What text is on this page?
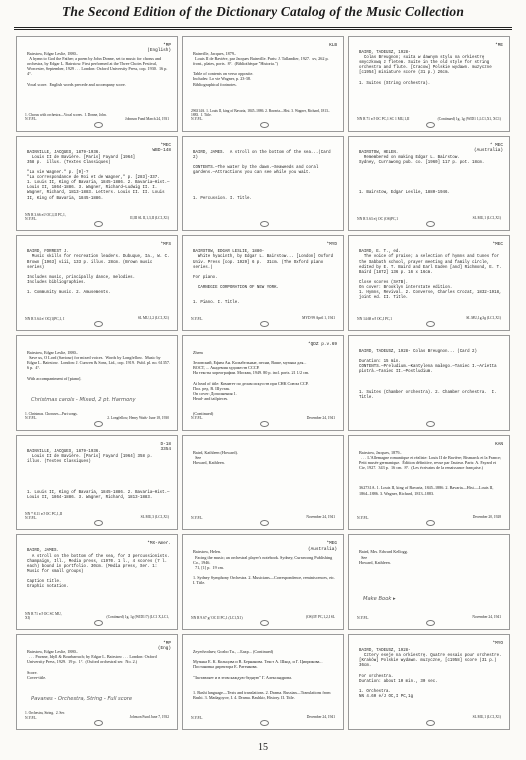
The Second Edition of the Dictionary Catalog of the Music Collection
*MP
(English)
Bairstow, Edgar Leslie, 1880–
A hymn to God the Father; a poem by John Donne, set to music for chorus and orchestra, by Edgar L. Bairstow. First performed at the Three Choirs Festival, Worcester, September, 1929 . . . London: Oxford University Press, cop. 1930.  16 p.  4°.

Vocal score.  English words precede and accompany score.
1. Chorus with orchestra—Vocal scores.  I. Donne, John.
N.Y.P.L.	Johnson Fund March 24, 1931
*MEC
WBD-148
BAINVILLE, JACQUES, 1879-1936.
Louis II de Bavière. [Paris] Fayard [1964]
358 p.  illus. (Textes Classiques)

"La vie Wagner." p. [9]-?
"La correspondance de Roi et de Wagner," p. [283]-337.
1. Louis II, King of Bavaria, 1845-1886. 2. Bavaria—Hist.—Louis II, 1864-1886. 3. Wagner, Richard—Ludwig II. I. Wagner, Richard, 1813-1883. Letters. Louis II. II. Louis II, King of Bavaria, 1845-1886.
NN R 3.66 e/J OC,I,II PC,1,
N.Y.P.L.	II,III SL II,1,3,II (LC1,X1)
*MFS
BAIRD, FORREST J.
Music skills for recreation leaders. Dubuque, Ia., W. C. Brown [1963] viii, 133 p. illus. 28cm. (Brown music series)

Includes music, principally dance, melodies.
Includes bibliographies.

1. Community music. 2. Amusements.
NN R 5.64 e/ OC(1)PC,1, I	SL MU,1,2 (LC1,X1)
Bairstow, Edgar Leslie, 1880–
Save us, O Lord (Saviour) for mixed voices.  Words by Longfellow.  Music by Edgar L. Bairstow.  London: J. Curwen & Sons, Ltd., cop. 1919.  Publ. pl. no. 61357.  6 p.  4°.

With accompaniment of [piano].
1. Christmas. Choruses—Part songs.
N.Y.P.L.	2. Longfellow, Henry Wads- June 18, 1930
Christmas carols - Mixed, 2 pt. Harmony
D-18
3354
BAINVILLE, JACQUES, 1879-1936.
Louis II de Bavière. [Paris] Fayard [1964] 358 p.  illus. (Textes Classiques)

1. Louis II, King of Bavaria, 1845-1886. 2. Bavaria—Hist.—Louis II, 1864-1886. 3. Wagner, Richard, 1813-1883.
NN * 8.11 e/J OC PC,1,II
N.Y.P.L.	SL MU,3 (LC1,X1)
*MX-Amer.
BAIRD, JAMES.
A stroll on the bottom of the sea, for 3 percussionists. Champaign, Ill., Media press, c1970. 1 l., 4 scores (7 l. each) bound in portfolio. 30cm. (Media press, Ser. 1: Music for small groups)

Caption title.
Graphic notation.
NN R 71 e/J OC SC MU,
XI)	(Continued) 1g, 1g (WID1/7) (LC1 X,LC1,
*MP
(Eng)
Bairstow, Edgar Leslie, 1880–
. . . Pavane, Idyll & Bourbarrach; by Edgar L. Bairstow . . . London: Oxford University Press, 1929.  19 p.  1°.  (Oxford orchestral ser.  No. 2.)

Score.
Cover-title.
1. Orchestra, String.  2. Ser.
N.Y.P.L.	Johnson Fund June 7, 1932
Pavanes - Orchestra, String - Full score
KLB
Bainville, Jacques, 1879–
Louis II de Bavière, par Jacques Bainville. Paris: J. Tallandier, 1927.  xv, 262 p.  front., plates, ports.  8°.  (Bibliothèque "Historia.")

Table of contents on verso opposite.
Includes: Lo vie Wagner, p. 23-38.
Bibliographical footnotes.
296314A. 1. Louis II, king of Bavaria, 1845–1886. 2. Bavaria—Hist. 3. Wagner, Richard, 1813–1883.  J. Title.
N.Y.P.L.
BAIRD, JAMES.  A stroll on the bottom of the sea...(Card 2)

CONTENTS.—The water by the dawn.—Seaweeds and coral gardens.—Attractions you can see while you wait.

1. Percussion. I. Title.
*MYD
BAIRSTOW, EDGAR LESLIE, 1880-
White hyacinth, by Edgar L. Bairstow... [London] Oxford Univ. Press [cop. 1929] 6 p.  31cm. (The Oxford piano series.)

For piano.

CARNEGIE CORPORATION OF NEW YORK.

1. Piano. I. Title.
N.Y.P.L.	MYD 99 April 1, 1941
*QDZ p.v.69
Zhem

Зеловский, Ефим Ан. Колыбельные, песни, Ваше, музыка для...
ВОСТ, ... Академия художеств СССР.
На тексты хореографии. Москва, 1949. 80 p. incl. ports. 21 1/2 cm.

At head of title: Комитет по делам искусств при СНК Союза ССР.
Пол. ред. В. Шустак.
On cover: Дополнения 1.
Head- and tailpieces.

(Continued)
N.Y.P.L.	December 24, 1941
Baird, Kathleen (Howard).
See
Howard, Kathleen.
N.Y.P.L.	November 24, 1941
*MEG
(Australia)
Bairstow, Helen.
Facing the music; an orchestral player's notebook. Sydney, Currawong Publishing Co., 1946.
71, [1] p.  19 cm.

1. Sydney Symphony Orchestra. 2. Musicians—Correspondence, reminiscences, etc. I. Title.
NN R 9.67 g/ OC II PC,1 (LC1,X1)	(OS)3Y PC,1,2,I SL
Zeyedvodaev, Gozbo Tu., ...Бахр... (Continued)

Музыка Е. К. Кольцова и В. Бернанова. Текст А. Шкод. и Г. Циприкова... Постановка директора Е. Ратенкова.

"Заставляет и в этом каждую бедную" Г. Александрова.

1. Bashi language—Texts and translations. 2. Drama. Russian—Translations from Bashi. 3. Madagoyov, I. 4. Drama. Bashkir, History. II. Title.
N.Y.P.L.	December 24, 1941
*ME
BAIRD, TADEUSZ, 1928-
Colas Breugnon; suita w dawnym stylu na orkiestrę smyczkową z fletem. Suite in the old style for string orchestra and flute. [Cracow] Polskie wydawn. muzyczne [c1954] miniature score (31 p.) 26cm.

1. Suites (String orchestra).
NN R 71 e/J OC PC,1 SC 1 MU,1,II	(Continued) 1g, 1g (WID1 1,LC1,X1, XC1)
* MEC
(Australia)
BAIRSTOW, HELEN.
Remembered on making Edgar L. Bairstow.
Sydney, Currawong pub. co. [1960] 117 p. pot. 18cm.

1. Bairstow, Edgar Leslie, 1880-1946.
NN R 5.63 e/j OC (OS)PC,1	SL MU,1 (LC1,X1)
*MEC
BAIRD, E. T., ed.
The voice of praise; a selection of hymns and tunes for the Sabbath school, prayer meeting and family circle, edited by E. T. Baird and Earl Eaden [and] Richmond, E. T. Baird [1872] 136 p. 16 x 16cm.

Close scores (SATB).
On cover: Brooklyn interstate edition.
1. Hymns, Revival. 2. Converse, Charles Crozat, 1832-1918, joint ed. II. Title.
NN 14.68 e/J OC,I PC,1	SL MU,1g,3g (LC1,X1)
BAIRD, TADEUSZ, 1928- Colas Breugnon... (Card 2)

Duration: 15 min.
CONTENTS.—Preludium.—Kantylena małego.—Taniec I.—Arietta piotrà.—Taniec II.—Postludium.

1. Suites (Chamber orchestra). 2. Chamber orchestra.  I. Title.
KAN
Bairstow, Jacques, 1879–
. . . L'Allemagne romantique et réaliste: Louis II de Bavière; Bismarck et la France; Petit musée germanique.  Édition définitive, revue par l'auteur. Paris: A. Fayard et Cie, 1927.  343 p.  16 cm.  8°.  (Les écrivains de la renaissance française.)

362731A. 1. Louis II, king of Bavaria, 1845–1886. 2. Bavaria—Hist.—Louis II, 1864–1886. 3. Wagner, Richard, 1813–1883.
N.Y.P.L.	December 20, 1928
Baird, Mrs. Edward Kellogg.
See
Howard, Kathleen.
N.Y.P.L.	November 24, 1941
Make Book ▸
*MYO
BAIRD, TADEUSZ, 1928-
Cztery eseje na orkiestrę. Quatre essais pour orchestre. [Kraków] Polskie wydawn. muzyczne, [c1958] score (31 p.) 36cm.

For orchestra.
Duration: about 10 min., 30 sec.

1. Orchestra.
NN 4.60 e/J OC,I PC,1g
SL MU,1 (LC1,X1)
15
